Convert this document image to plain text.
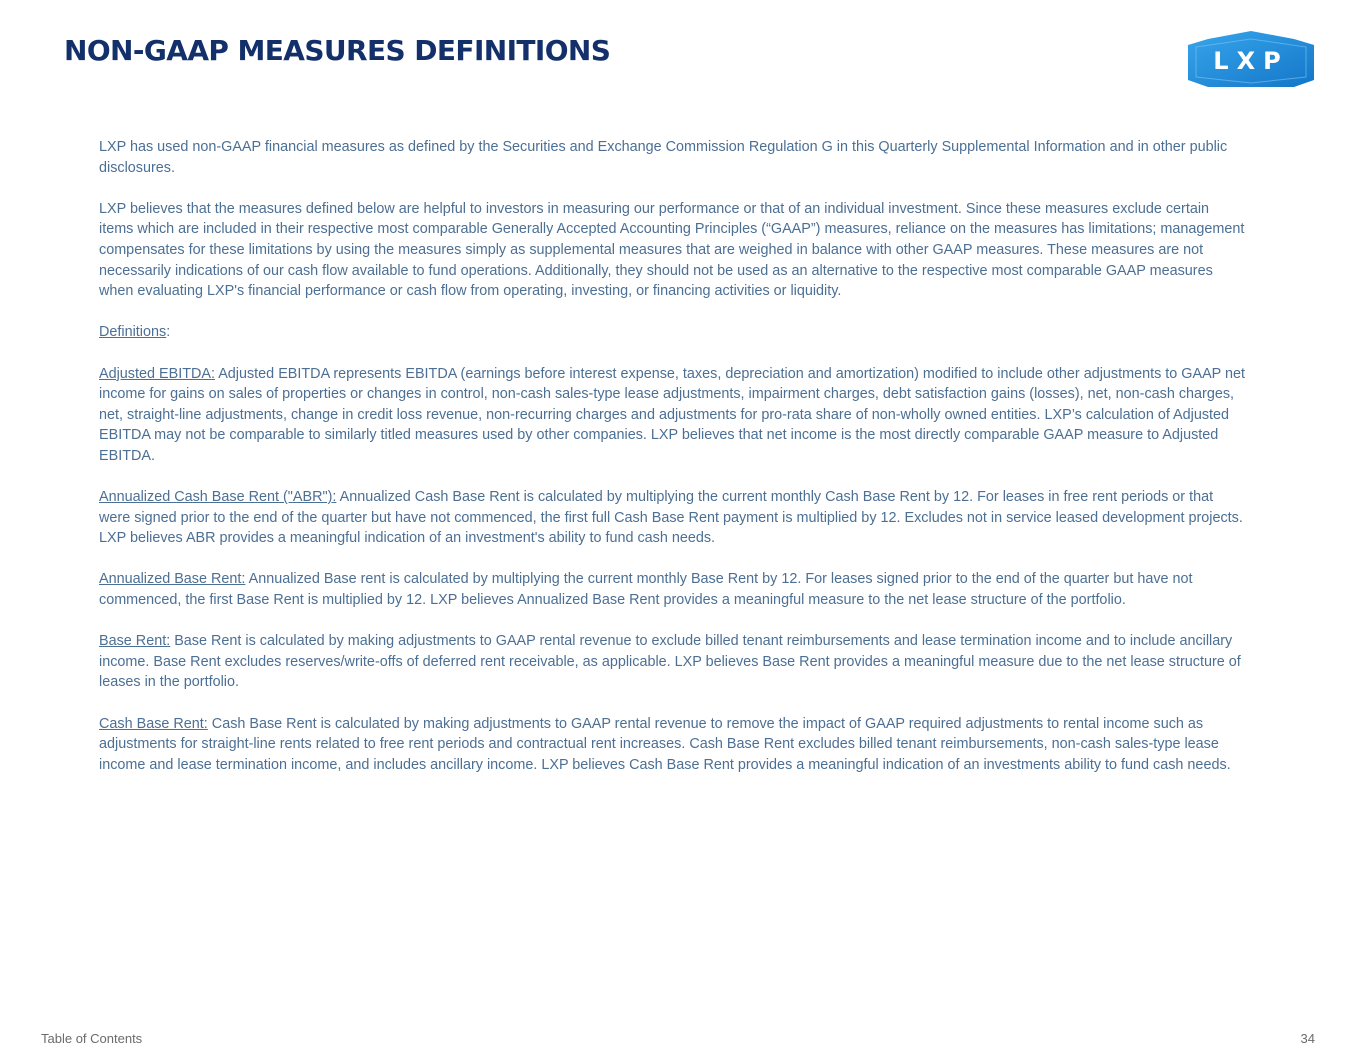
NON-GAAP MEASURES DEFINITIONS	LXP

LXP has used non-GAAP financial measures as defined by the Securities and Exchange Commission Regulation G in this Quarterly Supplemental Information and in other public disclosures.

LXP believes that the measures defined below are helpful to investors in measuring our performance or that of an individual investment. Since these measures exclude certain items which are included in their respective most comparable Generally Accepted Accounting Principles (“GAAP”) measures, reliance on the measures has limitations; management compensates for these limitations by using the measures simply as supplemental measures that are weighed in balance with other GAAP measures. These measures are not necessarily indications of our cash flow available to fund operations. Additionally, they should not be used as an alternative to the respective most comparable GAAP measures when evaluating LXP's financial performance or cash flow from operating, investing, or financing activities or liquidity.

Definitions:

Adjusted EBITDA: Adjusted EBITDA represents EBITDA (earnings before interest expense, taxes, depreciation and amortization) modified to include other adjustments to GAAP net income for gains on sales of properties or changes in control, non-cash sales-type lease adjustments, impairment charges, debt satisfaction gains (losses), net, non-cash charges, net, straight-line adjustments, change in credit loss revenue, non-recurring charges and adjustments for pro-rata share of non-wholly owned entities. LXP’s calculation of Adjusted EBITDA may not be comparable to similarly titled measures used by other companies. LXP believes that net income is the most directly comparable GAAP measure to Adjusted EBITDA.

Annualized Cash Base Rent ("ABR"): Annualized Cash Base Rent is calculated by multiplying the current monthly Cash Base Rent by 12. For leases in free rent periods or that were signed prior to the end of the quarter but have not commenced, the first full Cash Base Rent payment is multiplied by 12. Excludes not in service leased development projects. LXP believes ABR provides a meaningful indication of an investment's ability to fund cash needs.

Annualized Base Rent: Annualized Base rent is calculated by multiplying the current monthly Base Rent by 12. For leases signed prior to the end of the quarter but have not commenced, the first Base Rent is multiplied by 12. LXP believes Annualized Base Rent provides a meaningful measure to the net lease structure of the portfolio.

Base Rent: Base Rent is calculated by making adjustments to GAAP rental revenue to exclude billed tenant reimbursements and lease termination income and to include ancillary income. Base Rent excludes reserves/write-offs of deferred rent receivable, as applicable. LXP believes Base Rent provides a meaningful measure due to the net lease structure of leases in the portfolio.

Cash Base Rent: Cash Base Rent is calculated by making adjustments to GAAP rental revenue to remove the impact of GAAP required adjustments to rental income such as adjustments for straight-line rents related to free rent periods and contractual rent increases. Cash Base Rent excludes billed tenant reimbursements, non-cash sales-type lease income and lease termination income, and includes ancillary income. LXP believes Cash Base Rent provides a meaningful indication of an investments ability to fund cash needs.

Table of Contents	34
